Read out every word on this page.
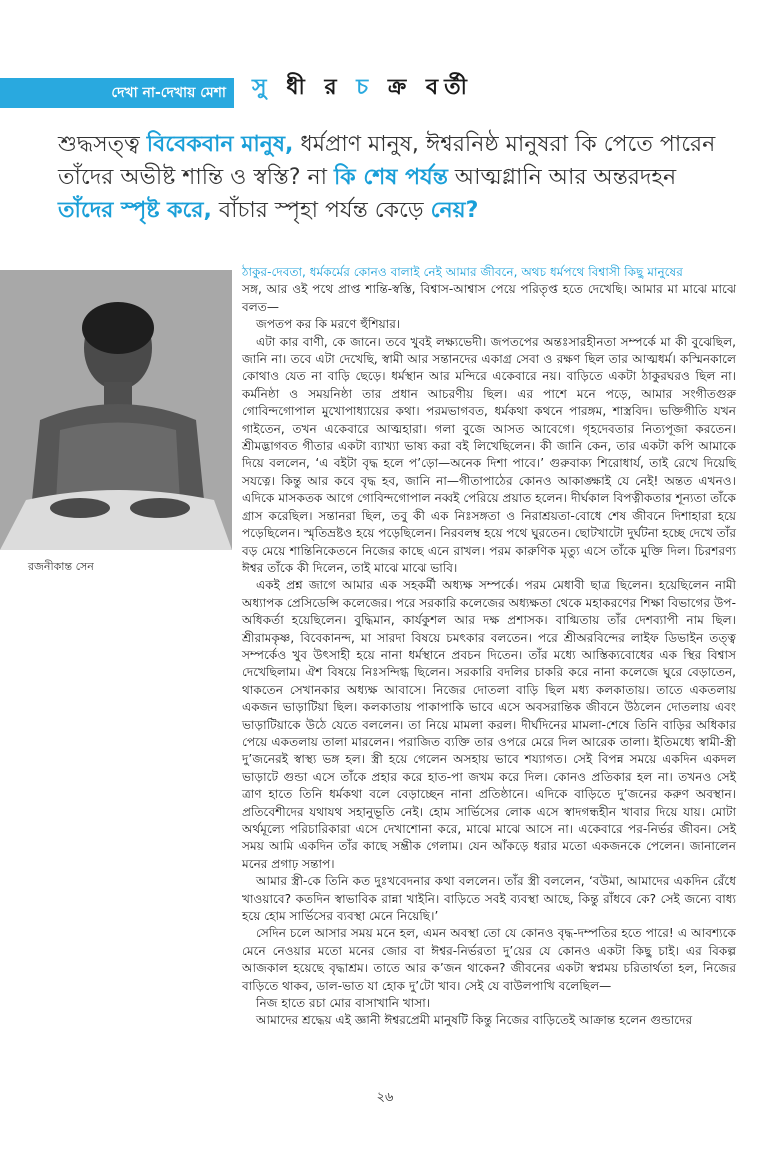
দেখা না-দেখায় মেশা	সু ধী র চ ক্র বর্তী
শুদ্ধসত্ত্ব বিবেকবান মানুষ, ধর্মপ্রাণ মানুষ, ঈশ্বরনিষ্ঠ মানুষরা কি পেতে পারেন তাঁদের অভীষ্ট শান্তি ও স্বস্তি? না কি শেষ পর্যন্ত আত্মগ্লানি আর অন্তরদহন তাঁদের স্পৃষ্ট করে, বাঁচার স্পৃহা পর্যন্ত কেড়ে নেয়?
রজনীকান্ত সেন

ঠাকুর-দেবতা, ধর্মকর্মের কোনও বালাই নেই আমার জীবনে, অথচ ধর্মপথে বিশ্বাসী কিছু মানুষের

সঙ্গ, আর ওই পথে প্রাপ্ত শান্তি-স্বস্তি, বিশ্বাস-আশ্বাস পেয়ে পরিতৃপ্ত হতে দেখেছি। আমার মা মাঝে মাঝে বলত—

জপতপ কর কি মরণে হুঁশিয়ার।

এটা কার বাণী, কে জানে। তবে খুবই লক্ষ্যভেদী। জপতপের অন্তঃসারহীনতা সম্পর্কে মা কী বুঝেছিল, জানি না। তবে এটা দেখেছি, স্বামী আর সন্তানদের একাগ্র সেবা ও রক্ষণ ছিল তার আত্মধর্ম। কস্মিনকালে কোথাও যেত না বাড়ি ছেড়ে। ধর্মস্থান আর মন্দিরে একেবারে নয়। বাড়িতে একটা ঠাকুরঘরও ছিল না। কর্মনিষ্ঠা ও সময়নিষ্ঠা তার প্রধান আচরণীয় ছিল। এর পাশে মনে পড়ে, আমার সংগীতগুরু গোবিন্দগোপাল মুখোপাধ্যায়ের কথা। পরমভাগবত, ধর্মকথা কথনে পারঙ্গম, শাস্ত্রবিদ। ভক্তিগীতি যখন গাইতেন, তখন একেবারে আত্মহারা। গলা বুজে আসত আবেগে। গৃহদেবতার নিত্যপূজা করতেন। শ্রীমদ্ভাগবত গীতার একটা ব্যাখ্যা ভাষ্য করা বই লিখেছিলেন। কী জানি কেন, তার একটা কপি আমাকে দিয়ে বললেন, ‘এ বইটা বৃদ্ধ হলে প’ড়ো—অনেক দিশা পাবে।’ গুরুবাক্য শিরোধার্য, তাই রেখে দিয়েছি সযত্নে। কিন্তু আর কবে বৃদ্ধ হব, জানি না—গীতাপাঠের কোনও আকাঙ্ক্ষাই যে নেই! অন্তত এখনও। এদিকে মাসকতক আগে গোবিন্দগোপাল নব্বই পেরিয়ে প্রয়াত হলেন। দীর্ঘকাল বিপত্নীকতার শূন্যতা তাঁকে গ্রাস করেছিল। সন্তানরা ছিল, তবু কী এক নিঃসঙ্গতা ও নিরাশ্রয়তা-বোধে শেষ জীবনে দিশাহারা হয়ে পড়েছিলেন। স্মৃতিভ্রষ্টও হয়ে পড়েছিলেন। নিরবলম্ব হয়ে পথে ঘুরতেন। ছোটখাটো দুর্ঘটনা হচ্ছে দেখে তাঁর বড় মেয়ে শান্তিনিকেতনে নিজের কাছে এনে রাখল। পরম কারুণিক মৃত্যু এসে তাঁকে মুক্তি দিল। চিরশরণ্য ঈশ্বর তাঁকে কী দিলেন, তাই মাঝে মাঝে ভাবি।

একই প্রশ্ন জাগে আমার এক সহকর্মী অধ্যক্ষ সম্পর্কে। পরম মেধাবী ছাত্র ছিলেন। হয়েছিলেন নামী অধ্যাপক প্রেসিডেন্সি কলেজের। পরে সরকারি কলেজের অধ্যক্ষতা থেকে মহাকরণের শিক্ষা বিভাগের উপ-অধিকর্তা হয়েছিলেন। বুদ্ধিমান, কার্যকুশল আর দক্ষ প্রশাসক। বাগ্মিতায় তাঁর দেশব্যাপী নাম ছিল। শ্রীরামকৃষ্ণ, বিবেকানন্দ, মা সারদা বিষয়ে চমৎকার বলতেন। পরে শ্রীঅরবিন্দের লাইফ ডিভাইন তত্ত্ব সম্পর্কেও খুব উৎসাহী হয়ে নানা ধর্মস্থানে প্রবচন দিতেন। তাঁর মধ্যে আস্তিক্যবোধের এক স্থির বিশ্বাস দেখেছিলাম। ঐশ বিষয়ে নিঃসন্দিগ্ধ ছিলেন। সরকারি বদলির চাকরি করে নানা কলেজে ঘুরে বেড়াতেন, থাকতেন সেখানকার অধ্যক্ষ আবাসে। নিজের দোতলা বাড়ি ছিল মধ্য কলকাতায়। তাতে একতলায় একজন ভাড়াটিয়া ছিল। কলকাতায় পাকাপাকি ভাবে এসে অবসরান্তিক জীবনে উঠলেন দোতলায় এবং ভাড়াটিয়াকে উঠে যেতে বললেন। তা নিয়ে মামলা করল। দীর্ঘদিনের মামলা-শেষে তিনি বাড়ির অধিকার পেয়ে একতলায় তালা মারলেন। পরাজিত ব্যক্তি তার ওপরে মেরে দিল আরেক তালা। ইতিমধ্যে স্বামী-স্ত্রী দু’জনেরই স্বাস্থ্য ভঙ্গ হল। স্ত্রী হয়ে গেলেন অসহায় ভাবে শয্যাগত। সেই বিপন্ন সময়ে একদিন একদল ভাড়াটে গুন্ডা এসে তাঁকে প্রহার করে হাত-পা জখম করে দিল। কোনও প্রতিকার হল না। তখনও সেই ত্রাণ হাতে তিনি ধর্মকথা বলে বেড়াচ্ছেন নানা প্রতিষ্ঠানে। এদিকে বাড়িতে দু’জনের করুণ অবস্থান। প্রতিবেশীদের যথাযথ সহানুভূতি নেই। হোম সার্ভিসের লোক এসে স্বাদগন্ধহীন খাবার দিয়ে যায়। মোটা অর্থমূল্যে পরিচারিকারা এসে দেখাশোনা করে, মাঝে মাঝে আসে না। একেবারে পর-নির্ভর জীবন। সেই সময় আমি একদিন তাঁর কাছে সম্ভ্রীক গেলাম। যেন আঁকড়ে ধরার মতো একজনকে পেলেন। জানালেন মনের প্রগাঢ় সন্তাপ।

আমার স্ত্রী-কে তিনি কত দুঃখবেদনার কথা বললেন। তাঁর স্ত্রী বললেন, ‘বউমা, আমাদের একদিন রেঁধে খাওয়াবে? কতদিন স্বাভাবিক রান্না খাইনি। বাড়িতে সবই ব্যবস্থা আছে, কিন্তু রাঁধবে কে? সেই জন্যে বাধ্য হয়ে হোম সার্ভিসের ব্যবস্থা মেনে নিয়েছি।’

সেদিন চলে আসার সময় মনে হল, এমন অবস্থা তো যে কোনও বৃদ্ধ-দম্পতির হতে পারে! এ আবশ্যকে মেনে নেওয়ার মতো মনের জোর বা ঈশ্বর-নির্ভরতা দু’য়ের যে কোনও একটা কিছু চাই। এর বিকল্প আজকাল হয়েছে বৃদ্ধাশ্রম। তাতে আর ক’জন থাকেন? জীবনের একটা স্বপ্নময় চরিতার্থতা হল, নিজের বাড়িতে থাকব, ডাল-ভাত যা হোক দু’টো খাব। সেই যে বাউলপাখি বলেছিল—

নিজ হাতে রচা মোর বাসাখানি খাসা।

আমাদের শ্রদ্ধেয় এই জ্ঞানী ঈশ্বরপ্রেমী মানুষটি কিন্তু নিজের বাড়িতেই আক্রান্ত হলেন গুন্ডাদের

২৬
